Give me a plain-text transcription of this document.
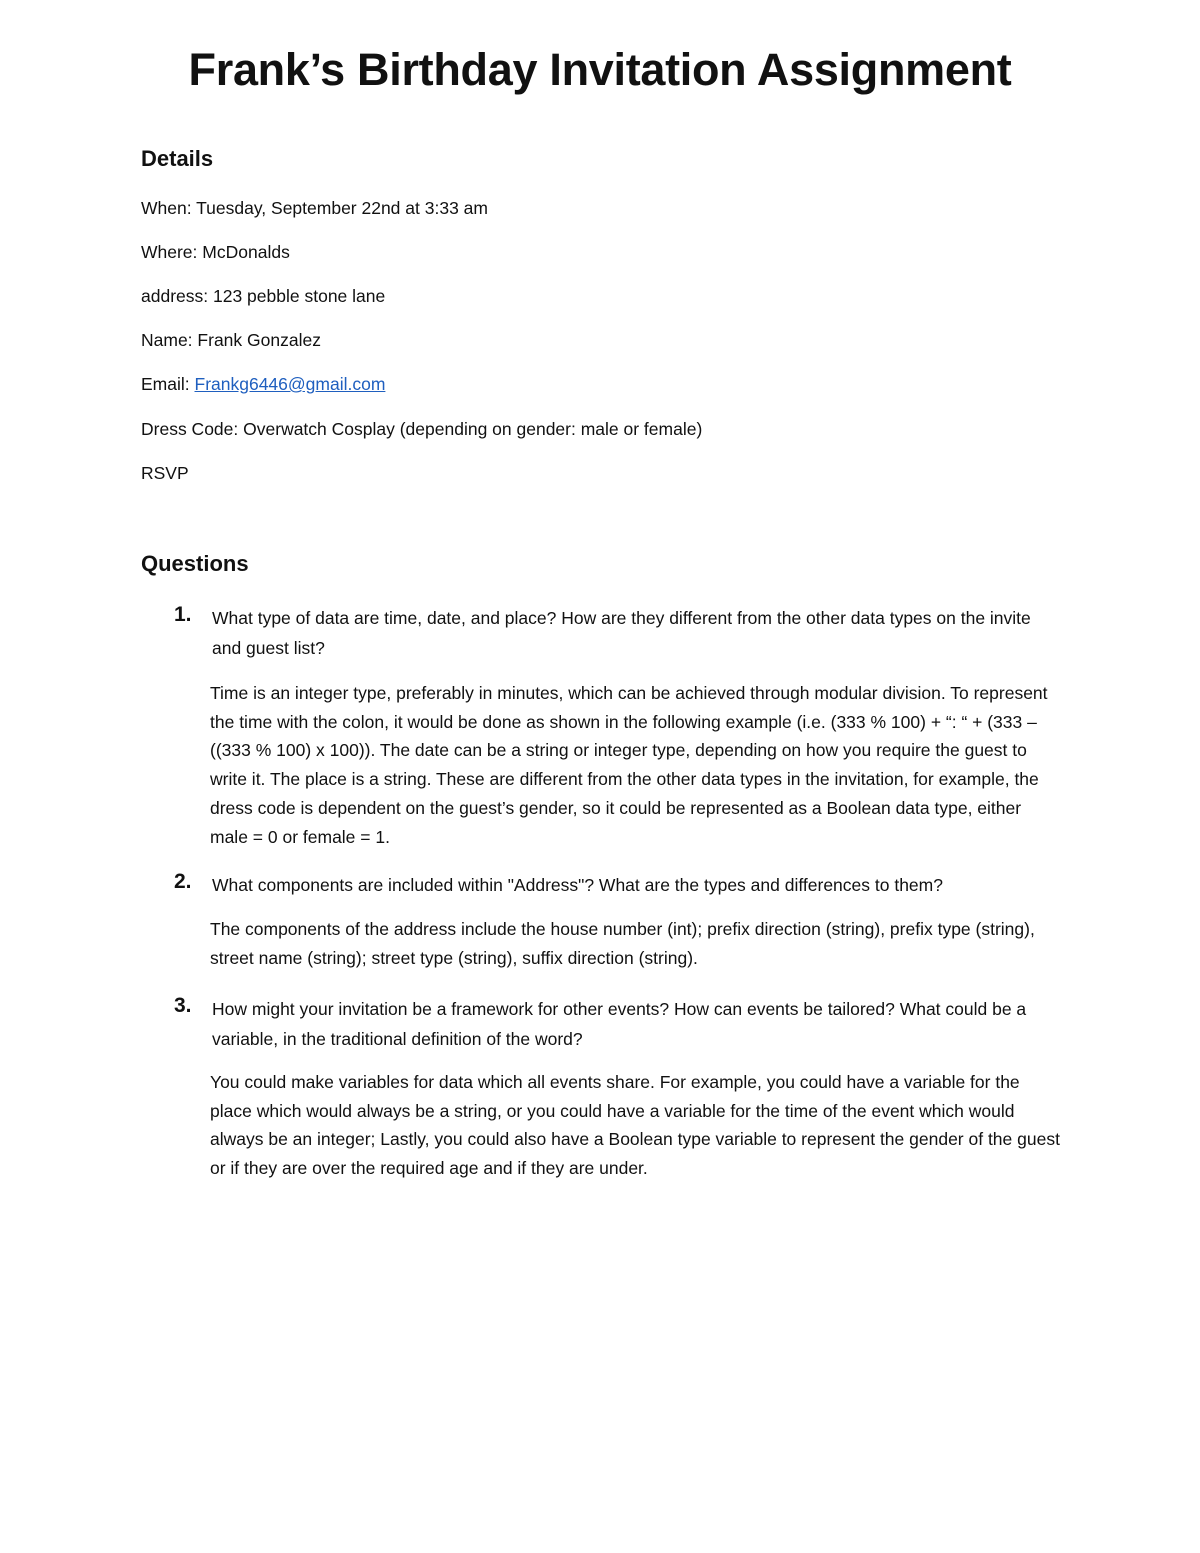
Frank’s Birthday Invitation Assignment
Details

When: Tuesday, September 22nd at 3:33 am

Where: McDonalds

address: 123 pebble stone lane

Name: Frank Gonzalez

Email: Frankg6446@gmail.com

Dress Code: Overwatch Cosplay (depending on gender: male or female)

RSVP

Questions
1. What type of data are time, date, and place? How are they different from the other data types on the invite and guest list?

Time is an integer type, preferably in minutes, which can be achieved through modular division. To represent the time with the colon, it would be done as shown in the following example (i.e. (333 % 100) + “: “ + (333 – ((333 % 100) x 100)). The date can be a string or integer type, depending on how you require the guest to write it. The place is a string. These are different from the other data types in the invitation, for example, the dress code is dependent on the guest’s gender, so it could be represented as a Boolean data type, either male = 0 or female = 1.

2. What components are included within "Address"? What are the types and differences to them?

The components of the address include the house number (int); prefix direction (string), prefix type (string), street name (string); street type (string), suffix direction (string).

3. How might your invitation be a framework for other events? How can events be tailored? What could be a variable, in the traditional definition of the word?

You could make variables for data which all events share. For example, you could have a variable for the place which would always be a string, or you could have a variable for the time of the event which would always be an integer; Lastly, you could also have a Boolean type variable to represent the gender of the guest or if they are over the required age and if they are under.
